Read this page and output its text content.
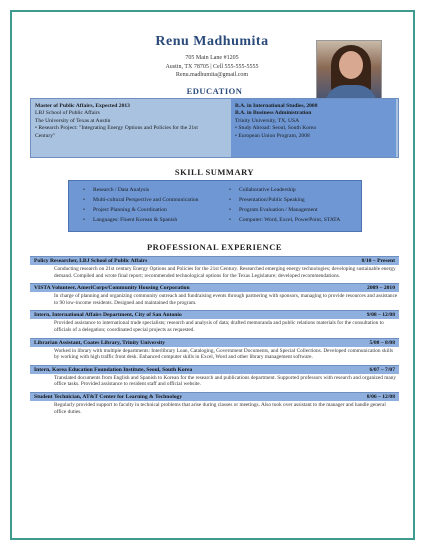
Renu Madhumita
705 Main Lane #1205
Austin, TX 78705 | Cell 555-555-5555
Renu.madhumita@gmail.com
EDUCATION
Master of Public Affairs, Expected 2013
LBJ School of Public Affairs
The University of Texas at Austin
• Research Project: "Integrating Energy Options and Policies for the 21st Century"
B.A. in International Studies, 2008
B.A. in Business Administration
Trinity University, TX, USA
• Study Abroad: Seoul, South Korea
• European Union Program, 2008
SKILL SUMMARY
• Research / Data Analysis
• Multi-cultural Perspective and Communication
• Project Planning & Coordination
• Languages: Fluent Korean & Spanish
• Collaborative Leadership
• Presentation/Public Speaking
• Program Evaluation / Management
• Computer: Word, Excel, PowerPoint, STATA
PROFESSIONAL EXPERIENCE
Policy Researcher, LBJ School of Public Affairs	8/10 – Present
Conducting research on 21st century Energy Options and Policies for the 21st Century. Researched emerging energy technologies; developing sustainable energy demand. Compiled and wrote final report; recommended technological options for the Texas Legislature; developed recommendations.
VISTA Volunteer, AmeriCorps/Community Housing Corporation	2009 – 2010
In charge of planning and organizing community outreach and fundraising events through partnering with sponsors, managing to provide resources and assistance to 90 low-income residents. Designed and maintained the program.
Intern, International Affairs Department, City of San Antonio	9/08 – 12/08
Provided assistance to international trade specialists; research and analysis of data; drafted memoranda and public relations materials for the consultation to officials of a delegation; coordinated special projects as requested.
Librarian Assistant, Coates Library, Trinity University	5/08 – 8/08
Worked in library with multiple departments: Interlibrary Loan, Cataloging, Government Documents, and Special Collections. Developed communication skills by working with high traffic front desk. Enhanced computer skills in Excel, Word and other library management software.
Intern, Korea Education Foundation Institute, Seoul, South Korea	6/07 – 7/07
Translated documents from English and Spanish to Korean for the research and publications department. Supported professors with research and organized many office tasks. Provided assistance to resident staff and official website.
Student Technician, AT&T Center for Learning & Technology	8/06 – 12/08
Regularly provided support to faculty in technical problems that arise during classes or meetings. Also took over assistant to the manager and handle general office duties.
